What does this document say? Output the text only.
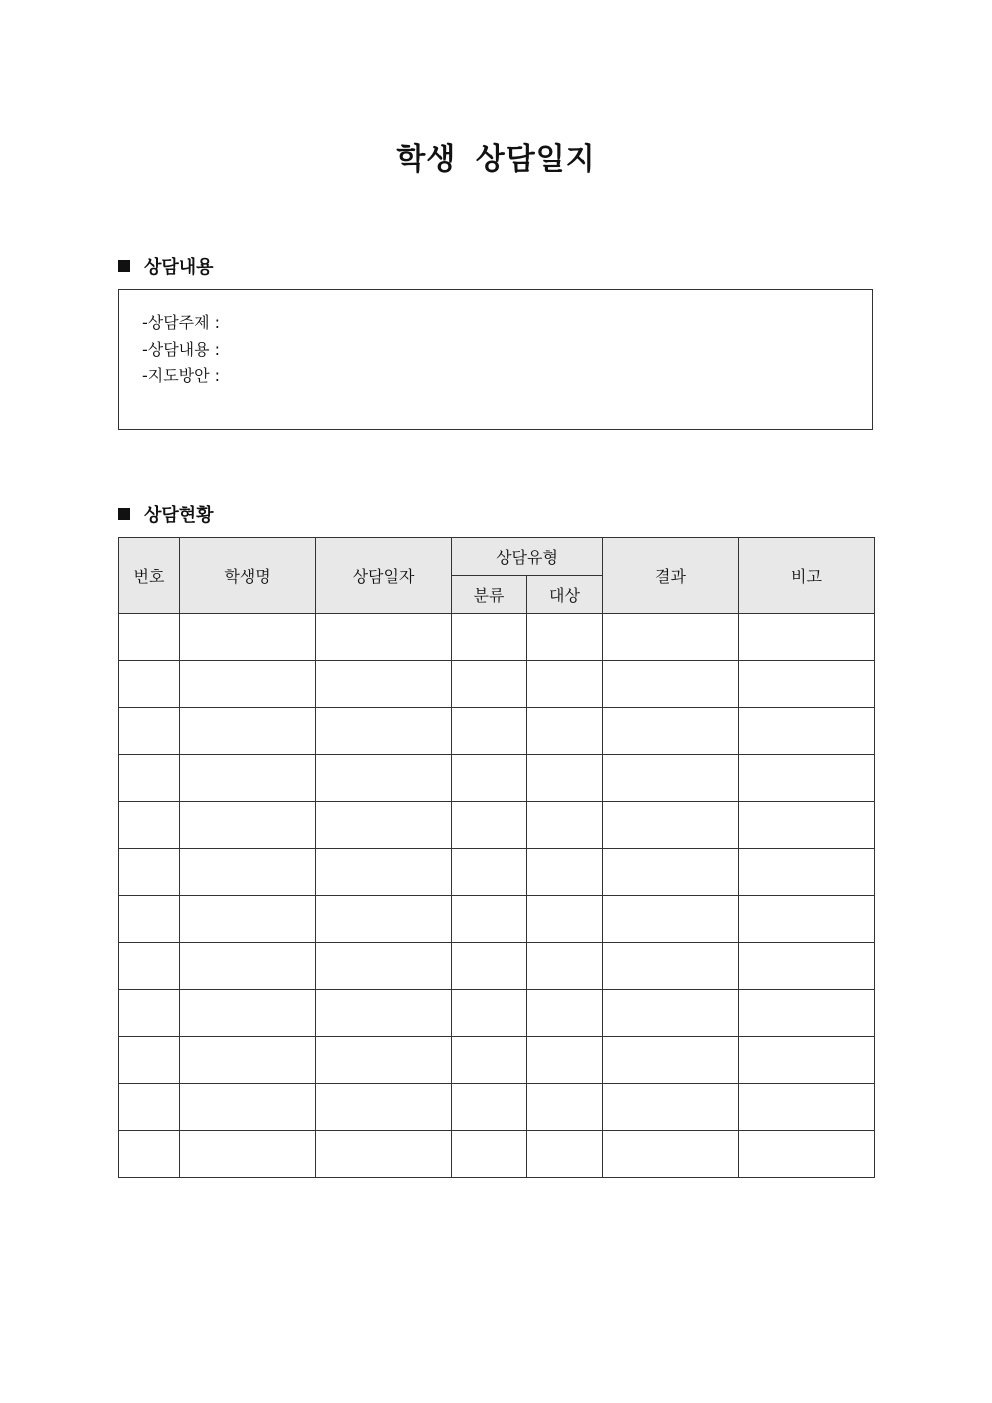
학생 상담일지
상담내용
-상담주제 :
-상담내용 :
-지도방안 :
상담현황
번호	학생명	상담일자	상담유형		결과	비고
			분류	대상		
